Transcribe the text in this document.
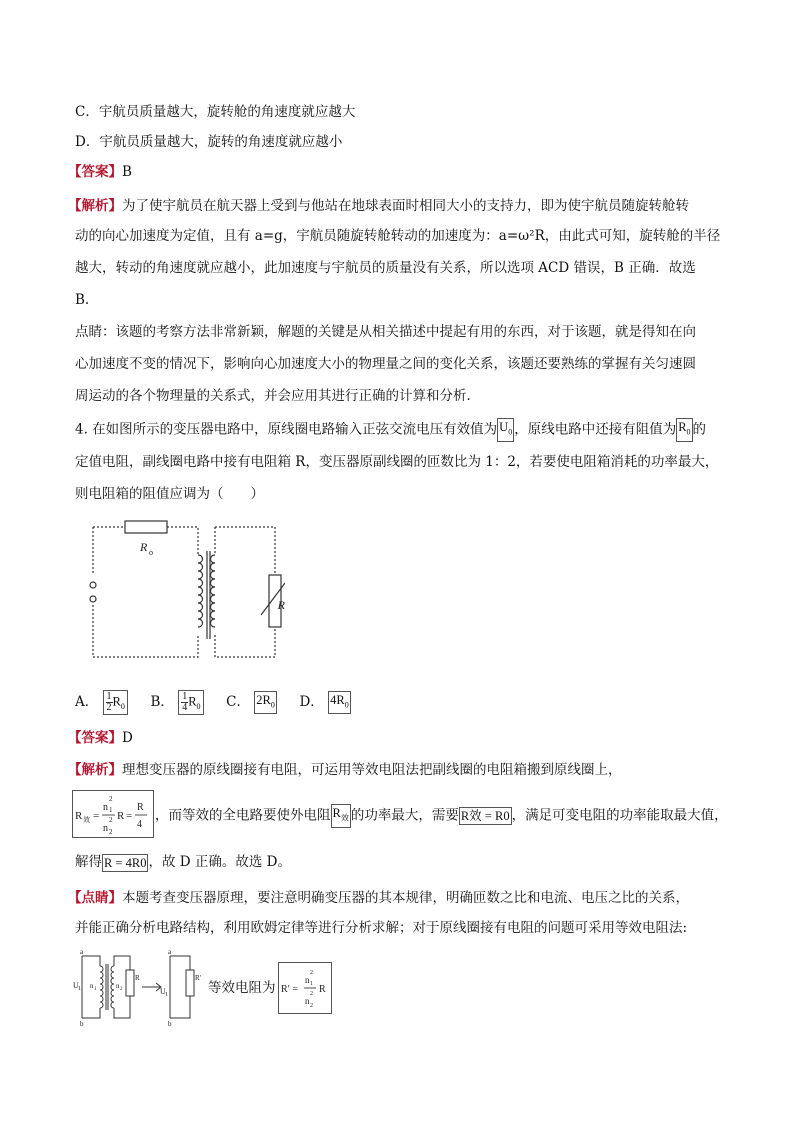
C．宇航员质量越大，旋转舱的角速度就应越大
D．宇航员质量越大，旋转的角速度就应越小
【答案】B
【解析】为了使宇航员在航天器上受到与他站在地球表面时相同大小的支持力，即为使宇航员随旋转舱转
动的向心加速度为定值，且有 a=g，宇航员随旋转舱转动的加速度为：a=ω²R，由此式可知，旋转舱的半径
越大，转动的角速度就应越小，此加速度与宇航员的质量没有关系，所以选项 ACD 错误，B 正确．故选
B.
点睛：该题的考察方法非常新颖，解题的关键是从相关描述中提起有用的东西，对于该题，就是得知在向
心加速度不变的情况下，影响向心加速度大小的物理量之间的变化关系，该题还要熟练的掌握有关匀速圆
周运动的各个物理量的关系式，并会应用其进行正确的计算和分析．
4. 在如图所示的变压器电路中，原线圈电路输入正弦交流电压有效值为 $U_0$ ，原线电路中还接有阻值为 $R_0$ 的
定值电阻，副线圈电路中接有电阻箱 R，变压器原副线圈的匝数比为 1：2，若要使电阻箱消耗的功率最大，
则电阻箱的阻值应调为（　　）
R o
R
A． $\frac{1}{2} R_0$ B． $\frac{1}{4} R_0$ C． $2R_0$ D． $4R_0$
【答案】D
【解析】理想变压器的原线圈接有电阻，可运用等效电阻法把副线圈的电阻箱搬到原线圈上，
R 效 =
n
2
1
n
2
2
R =
R
4
，而等效的全电路要使外电阻 $R_效$ 的功率最大，需要 R效 = R0 ，满足可变电阻的功率能取最大值，
解得 R = 4R0 ，故 D 正确。故选 D。
【点睛】本题考查变压器原理，要注意明确变压器的其本规律，明确匝数之比和电流、电压之比的关系，
并能正确分析电路结构，利用欧姆定律等进行分析求解；对于原线圈接有电阻的问题可采用等效电阻法:
a
b
U 1 n 1	n 2
R
a
b
U 1
R'
等效电阻为 R′ =
n
2
1
n
2
2
R
